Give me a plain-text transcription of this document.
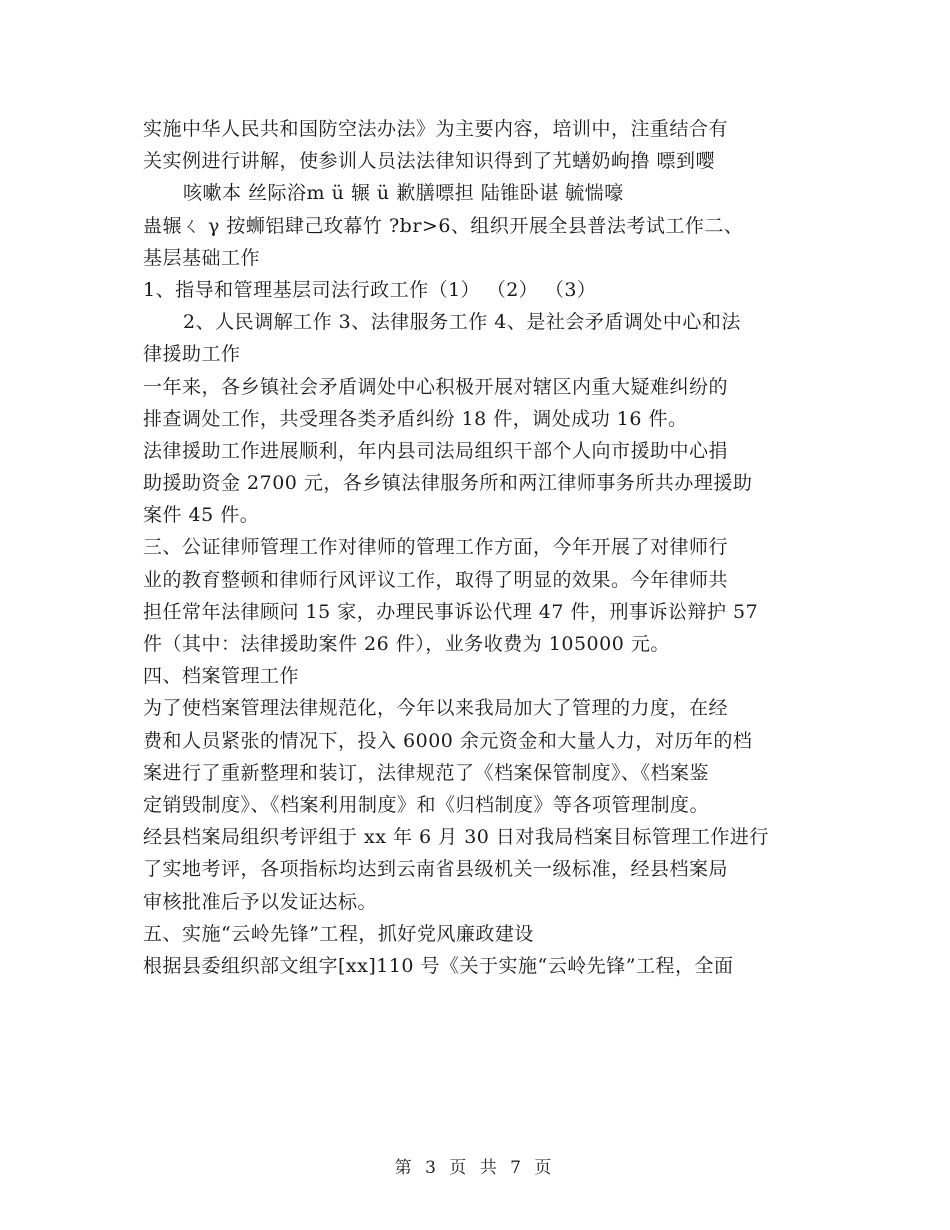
实施中华人民共和国防空法办法》为主要内容，培训中，注重结合有
关实例进行讲解，使参训人员法法律知识得到了艽蟮奶岣撸 嘌到嘤
咳嗽本 丝际浴m ü 辗 ü 歉膳嘌担 陆锥卧谌 毓惴嚎
蛊辗ㄑ γ 按蛳铝肆己玫幕竹 ?br>6、组织开展全县普法考试工作二、
基层基础工作
1、指导和管理基层司法行政工作（1） （2） （3）
2、人民调解工作 3、法律服务工作 4、是社会矛盾调处中心和法
律援助工作
一年来，各乡镇社会矛盾调处中心积极开展对辖区内重大疑难纠纷的
排查调处工作，共受理各类矛盾纠纷 18 件，调处成功 16 件。
法律援助工作进展顺利，年内县司法局组织干部个人向市援助中心捐
助援助资金 2700 元，各乡镇法律服务所和两江律师事务所共办理援助
案件 45 件。
三、公证律师管理工作对律师的管理工作方面，今年开展了对律师行
业的教育整顿和律师行风评议工作，取得了明显的效果。今年律师共
担任常年法律顾问 15 家，办理民事诉讼代理 47 件，刑事诉讼辩护 57
件（其中：法律援助案件 26 件），业务收费为 105000 元。
四、档案管理工作
为了使档案管理法律规范化，今年以来我局加大了管理的力度，在经
费和人员紧张的情况下，投入 6000 余元资金和大量人力，对历年的档
案进行了重新整理和装订，法律规范了《档案保管制度》、《档案鉴
定销毁制度》、《档案利用制度》和《归档制度》等各项管理制度。
经县档案局组织考评组于 xx 年 6 月 30 日对我局档案目标管理工作进行
了实地考评，各项指标均达到云南省县级机关一级标准，经县档案局
审核批准后予以发证达标。
五、实施“云岭先锋”工程，抓好党风廉政建设
根据县委组织部文组字[xx]110 号《关于实施“云岭先锋”工程，全面
第 3 页 共 7 页
